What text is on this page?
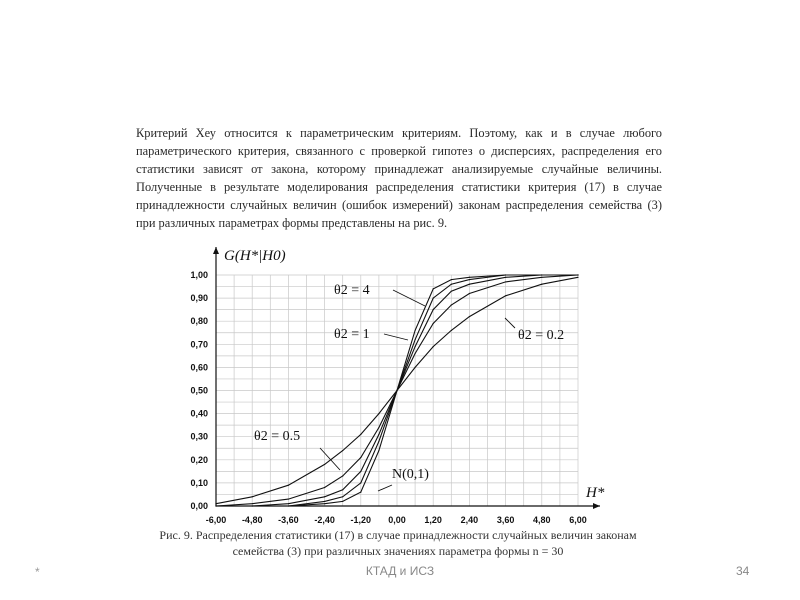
Критерий Хеу относится к параметрическим критериям. Поэтому, как и в случае любого параметрического критерия, связанного с проверкой гипотез о дисперсиях, распределения его статистики зависят от закона, которому принадлежат анализируемые случайные величины. Полученные в результате моделирования распределения статистики критерия (17) в случае принадлежности случайных величин (ошибок измерений) законам распределения семейства (3) при различных параметрах формы представлены на рис. 9.

0,00
0,10
0,20
0,30
0,40
0,50
0,60
0,70
0,80
0,90
1,00
-6,00 -4,80 -3,60 -2,40 -1,20 0,00 1,20 2,40 3,60 4,80 6,00
G(H*|H0)
H*
θ2 = 4
θ2 = 1	θ2 = 0.2
θ2 = 0.5
N(0,1)

Рис. 9. Распределения статистики (17) в случае принадлежности случайных величин законам
семейства (3) при различных значениях параметра формы n = 30

*	КТАД и ИСЗ	34
